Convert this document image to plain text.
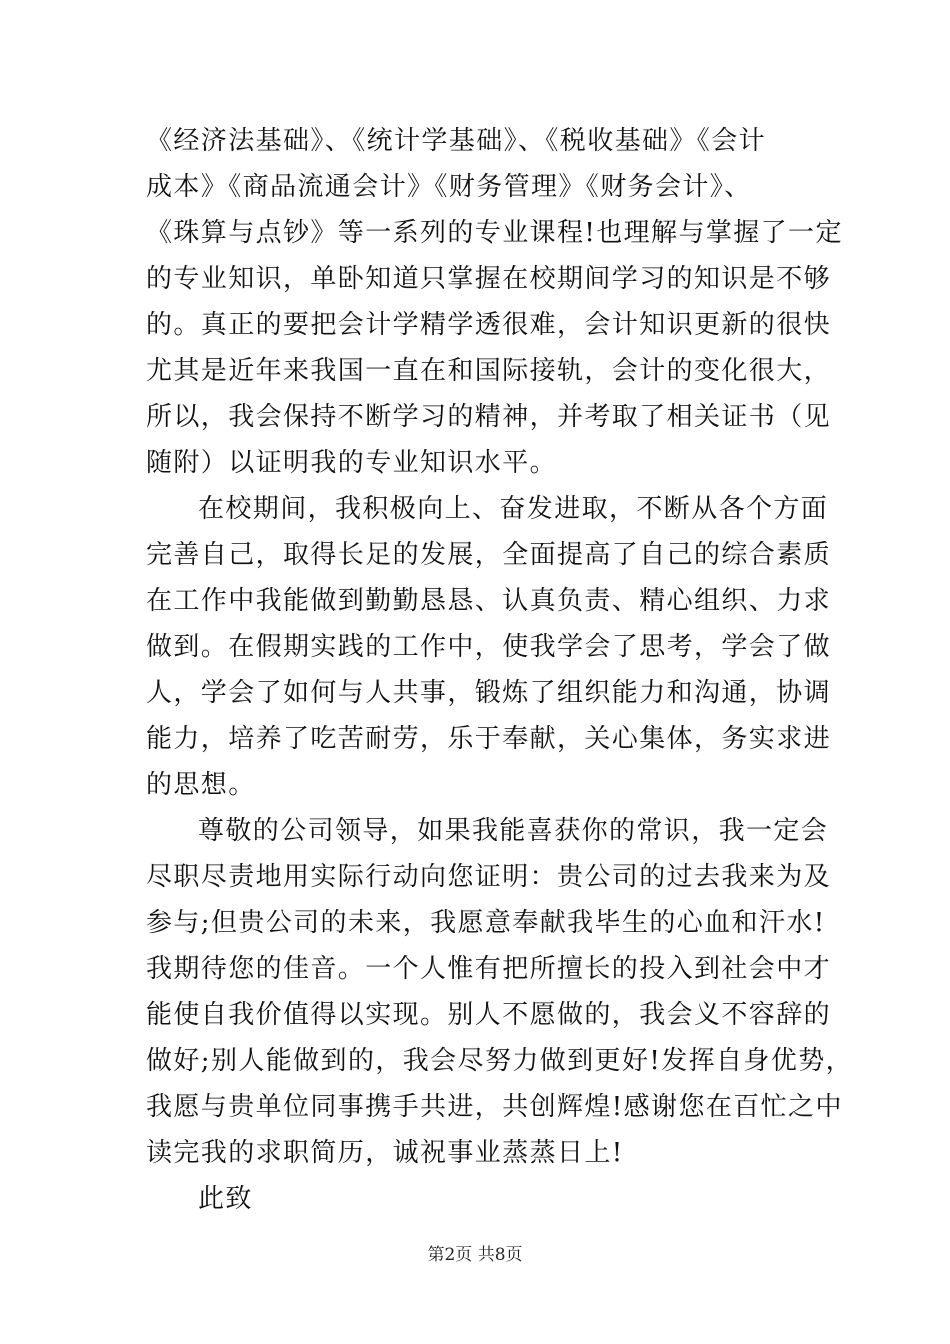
《经济法基础》、《统计学基础》、《税收基础》《会计
成本》《商品流通会计》《财务管理》《财务会计》、
《珠算与点钞》等一系列的专业课程!也理解与掌握了一定
的专业知识，单卧知道只掌握在校期间学习的知识是不够
的。真正的要把会计学精学透很难，会计知识更新的很快
尤其是近年来我国一直在和国际接轨，会计的变化很大，
所以，我会保持不断学习的精神，并考取了相关证书（见
随附）以证明我的专业知识水平。
在校期间，我积极向上、奋发进取，不断从各个方面
完善自己，取得长足的发展，全面提高了自己的综合素质
在工作中我能做到勤勤恳恳、认真负责、精心组织、力求
做到。在假期实践的工作中，使我学会了思考，学会了做
人，学会了如何与人共事，锻炼了组织能力和沟通，协调
能力，培养了吃苦耐劳，乐于奉献，关心集体，务实求进
的思想。
尊敬的公司领导，如果我能喜获你的常识，我一定会
尽职尽责地用实际行动向您证明：贵公司的过去我来为及
参与;但贵公司的未来，我愿意奉献我毕生的心血和汗水!
我期待您的佳音。一个人惟有把所擅长的投入到社会中才
能使自我价值得以实现。别人不愿做的，我会义不容辞的
做好;别人能做到的，我会尽努力做到更好!发挥自身优势，
我愿与贵单位同事携手共进，共创辉煌!感谢您在百忙之中
读完我的求职简历，诚祝事业蒸蒸日上!
此致
第2页 共8页
